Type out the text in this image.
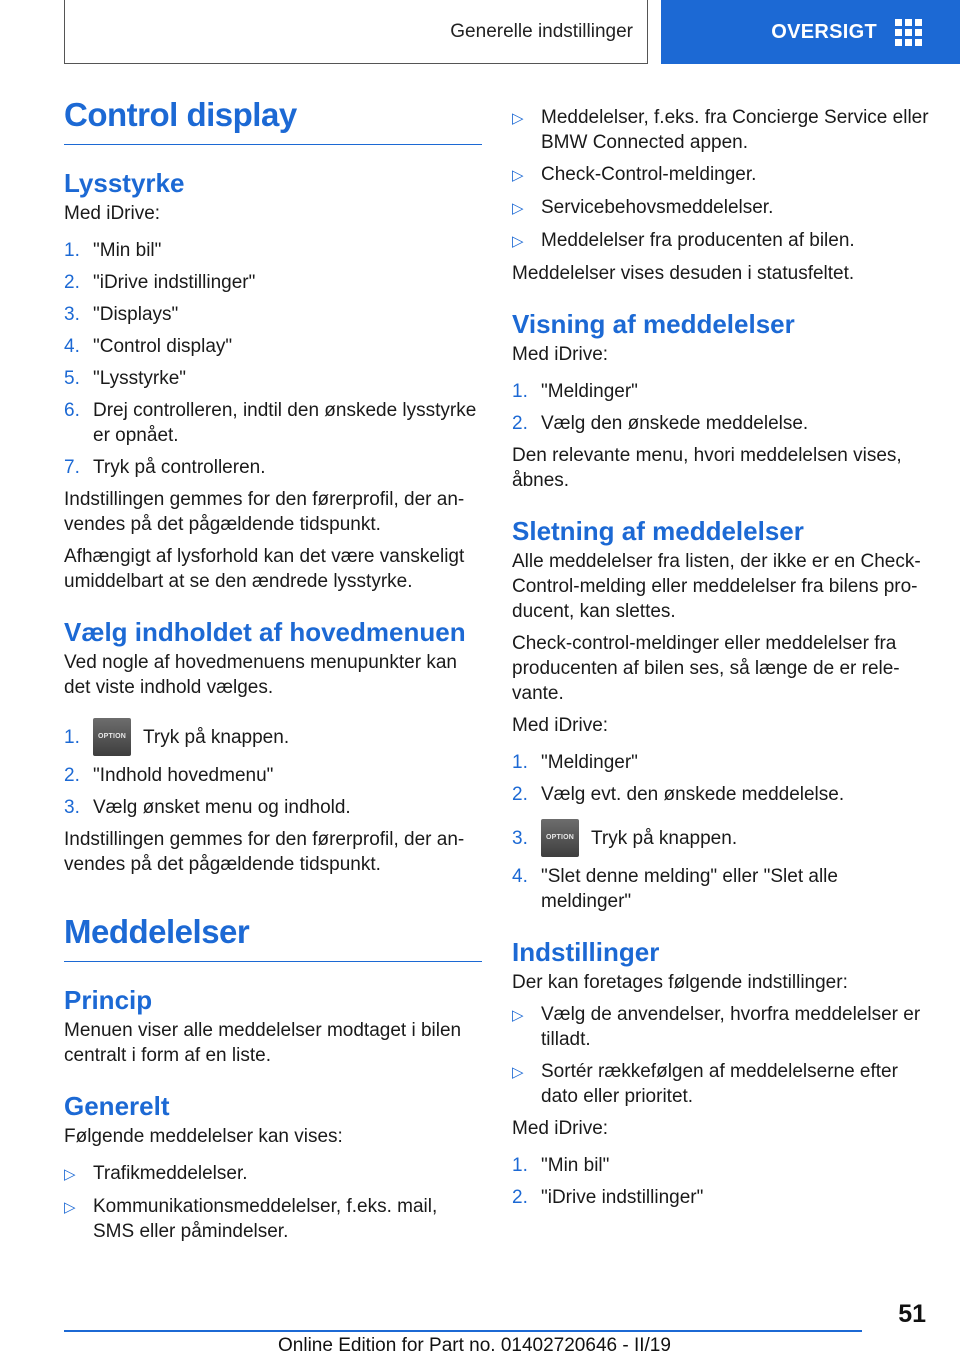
Generelle indstillinger	OVERSIGT
Control display
Lysstyrke

Med iDrive:

1. "Min bil"
2. "iDrive indstillinger"
3. "Displays"
4. "Control display"
5. "Lysstyrke"
6. Drej controlleren, indtil den ønskede lysstyrke er opnået.
7. Tryk på controlleren.

Indstillingen gemmes for den førerprofil, der an‐vendes på det pågældende tidspunkt.

Afhængigt af lysforhold kan det være vanskeligt umiddelbart at se den ændrede lysstyrke.

Vælg indholdet af hovedmenuen

Ved nogle af hovedmenuens menupunkter kan det viste indhold vælges.

1.	OPTION Tryk på knappen.
2. "Indhold hovedmenu"
3. Vælg ønsket menu og indhold.

Indstillingen gemmes for den førerprofil, der an‐vendes på det pågældende tidspunkt.

Meddelelser
Princip

Menuen viser alle meddelelser modtaget i bilen centralt i form af en liste.

Generelt

Følgende meddelelser kan vises:

▷ Trafikmeddelelser.
▷ Kommunikationsmeddelelser, f.eks. mail, SMS eller påmindelser.
▷ Meddelelser, f.eks. fra Concierge Service eller BMW Connected appen.
▷ Check-Control-meldinger.
▷ Servicebehovsmeddelelser.
▷ Meddelelser fra producenten af bilen.

Meddelelser vises desuden i statusfeltet.

Visning af meddelelser

Med iDrive:

1. "Meldinger"
2. Vælg den ønskede meddelelse.

Den relevante menu, hvori meddelelsen vises, åbnes.

Sletning af meddelelser

Alle meddelelser fra listen, der ikke er en Check-Control-melding eller meddelelser fra bilens pro‐ducent, kan slettes.

Check-control-meldinger eller meddelelser fra producenten af bilen ses, så længe de er rele‐vante.

Med iDrive:

1. "Meldinger"
2. Vælg evt. den ønskede meddelelse.
3.	OPTION Tryk på knappen.
4. "Slet denne melding" eller "Slet alle meldinger"
Indstillinger

Der kan foretages følgende indstillinger:

▷ Vælg de anvendelser, hvorfra meddelelser er tilladt.
▷ Sortér rækkefølgen af meddelelserne efter dato eller prioritet.

Med iDrive:

1. "Min bil"
2. "iDrive indstillinger"
51
Online Edition for Part no. 01402720646 - II/19
